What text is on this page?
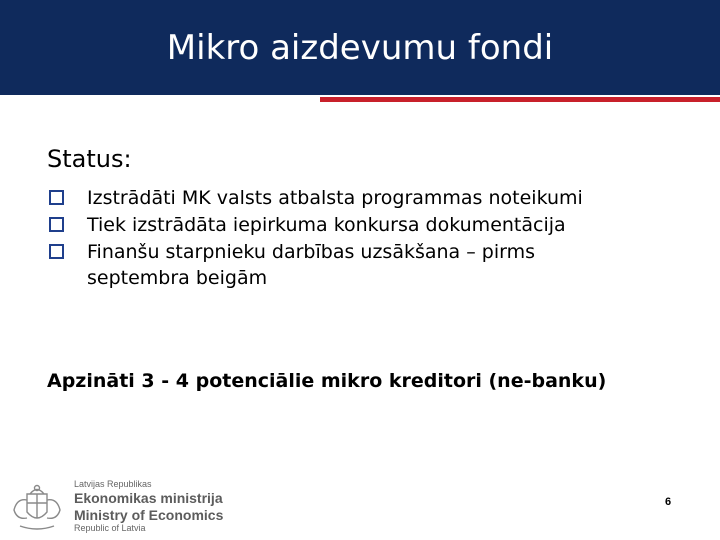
Mikro aizdevumu fondi
Status:
Izstrādāti MK valsts atbalsta programmas noteikumi
Tiek izstrādāta iepirkuma konkursa dokumentācija
Finanšu starpnieku darbības uzsākšana – pirms septembra beigām
Apzināti 3 - 4 potenciālie mikro kreditori (ne-banku)
Latvijas Republikas
Ekonomikas ministrija
Ministry of Economics
Republic of Latvia
6
